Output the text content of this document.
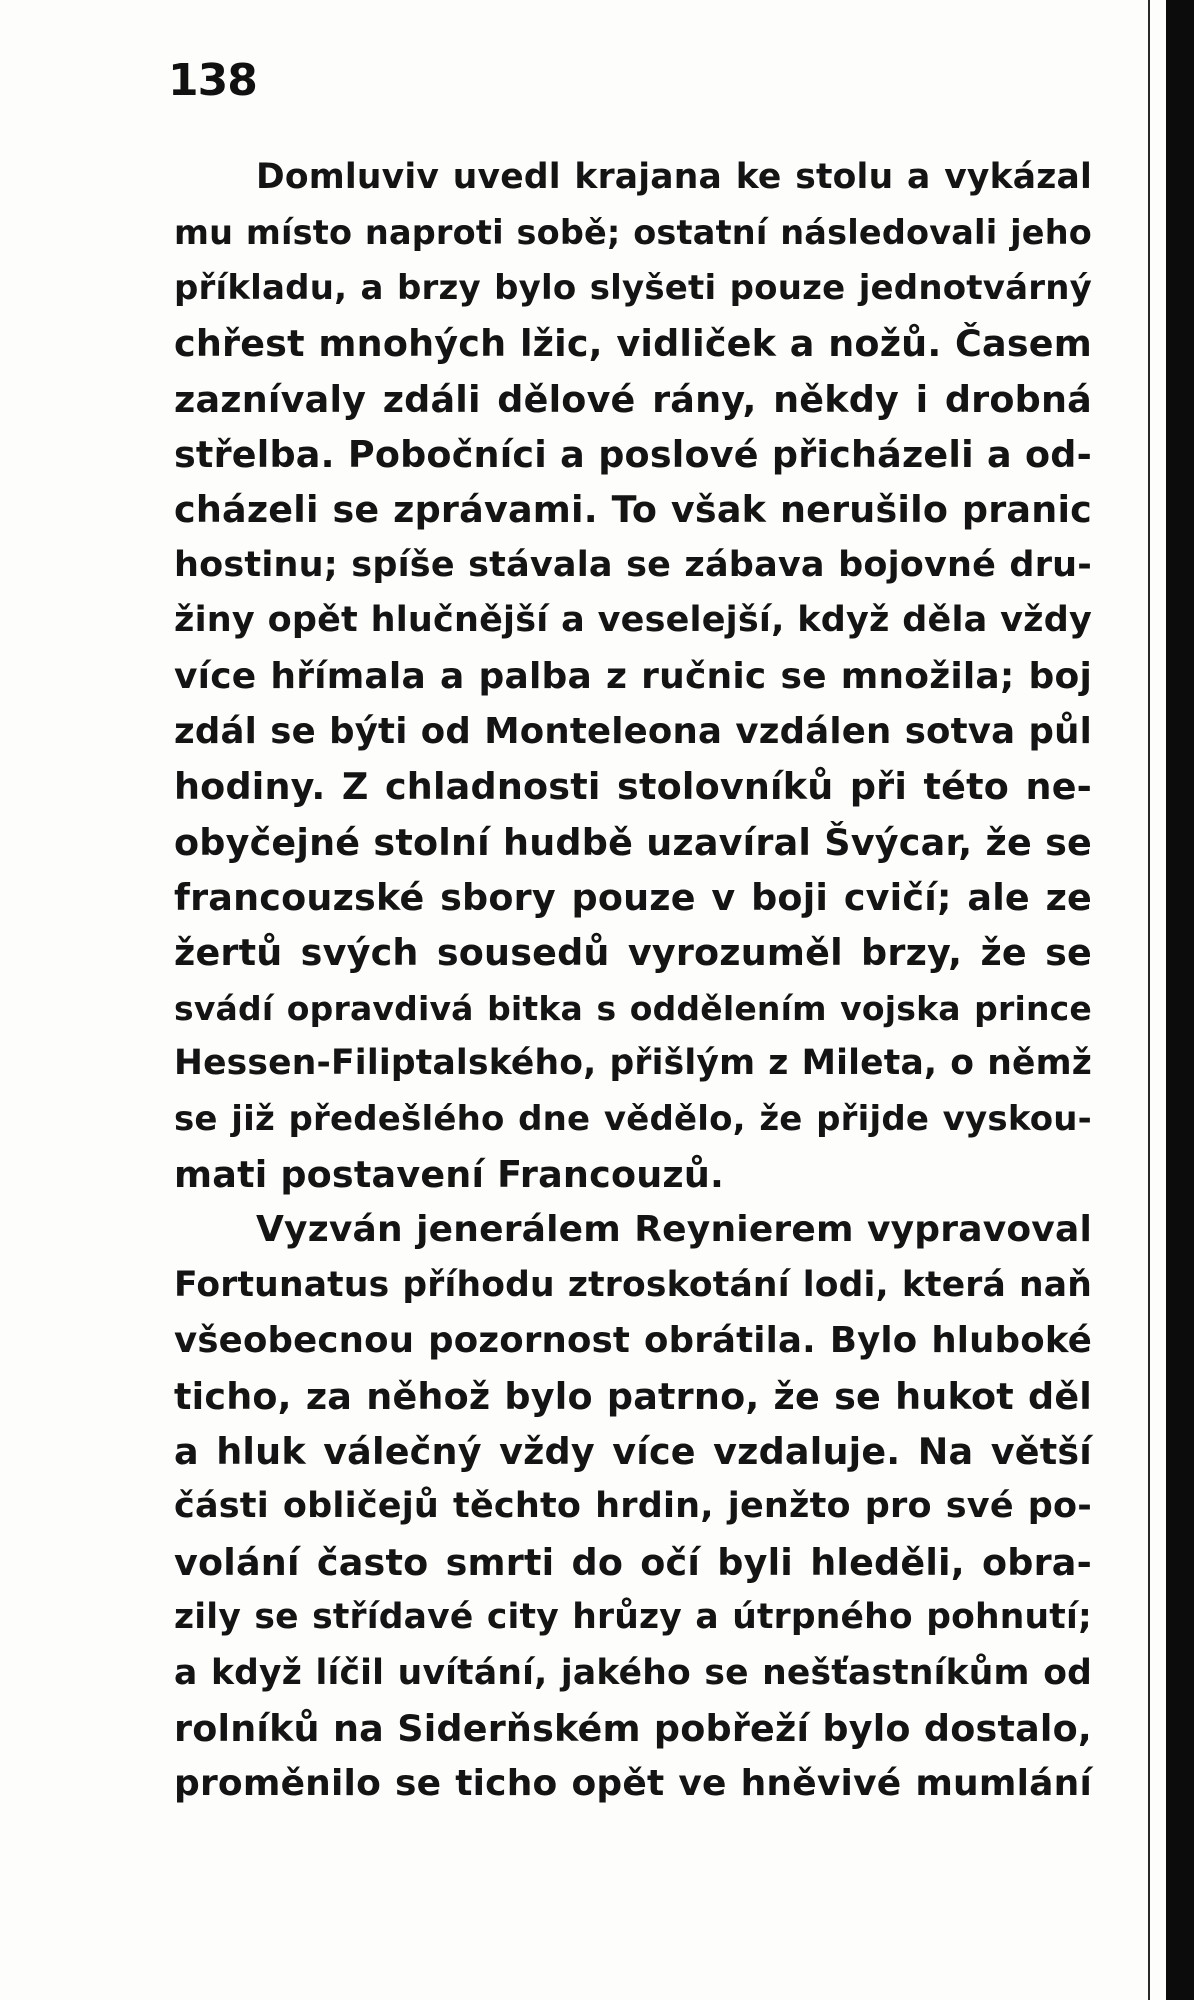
138
Domluviv uvedl krajana ke stolu a vykázal
mu místo naproti sobě; ostatní následovali jeho
příkladu, a brzy bylo slyšeti pouze jednotvárný
chřest mnohých lžic, vidliček a nožů. Časem
zaznívaly zdáli dělové rány, někdy i drobná
střelba. Pobočníci a poslové přicházeli a od-
cházeli se zprávami. To však nerušilo pranic
hostinu; spíše stávala se zábava bojovné dru-
žiny opět hlučnější a veselejší, když děla vždy
více hřímala a palba z ručnic se množila; boj
zdál se býti od Monteleona vzdálen sotva půl
hodiny. Z chladnosti stolovníků při této ne-
obyčejné stolní hudbě uzavíral Švýcar, že se
francouzské sbory pouze v boji cvičí; ale ze
žertů svých sousedů vyrozuměl brzy, že se
svádí opravdivá bitka s oddělením vojska prince
Hessen-Filiptalského, přišlým z Mileta, o němž
se již předešlého dne vědělo, že přijde vyskou-
mati postavení Francouzů.
Vyzván jenerálem Reynierem vypravoval
Fortunatus příhodu ztroskotání lodi, která naň
všeobecnou pozornost obrátila. Bylo hluboké
ticho, za něhož bylo patrno, že se hukot děl
a hluk válečný vždy více vzdaluje. Na větší
části obličejů těchto hrdin, jenžto pro své po-
volání často smrti do očí byli hleděli, obra-
zily se střídavé city hrůzy a útrpného pohnutí;
a když líčil uvítání, jakého se nešťastníkům od
rolníků na Siderňském pobřeží bylo dostalo,
proměnilo se ticho opět ve hněvivé mumlání
